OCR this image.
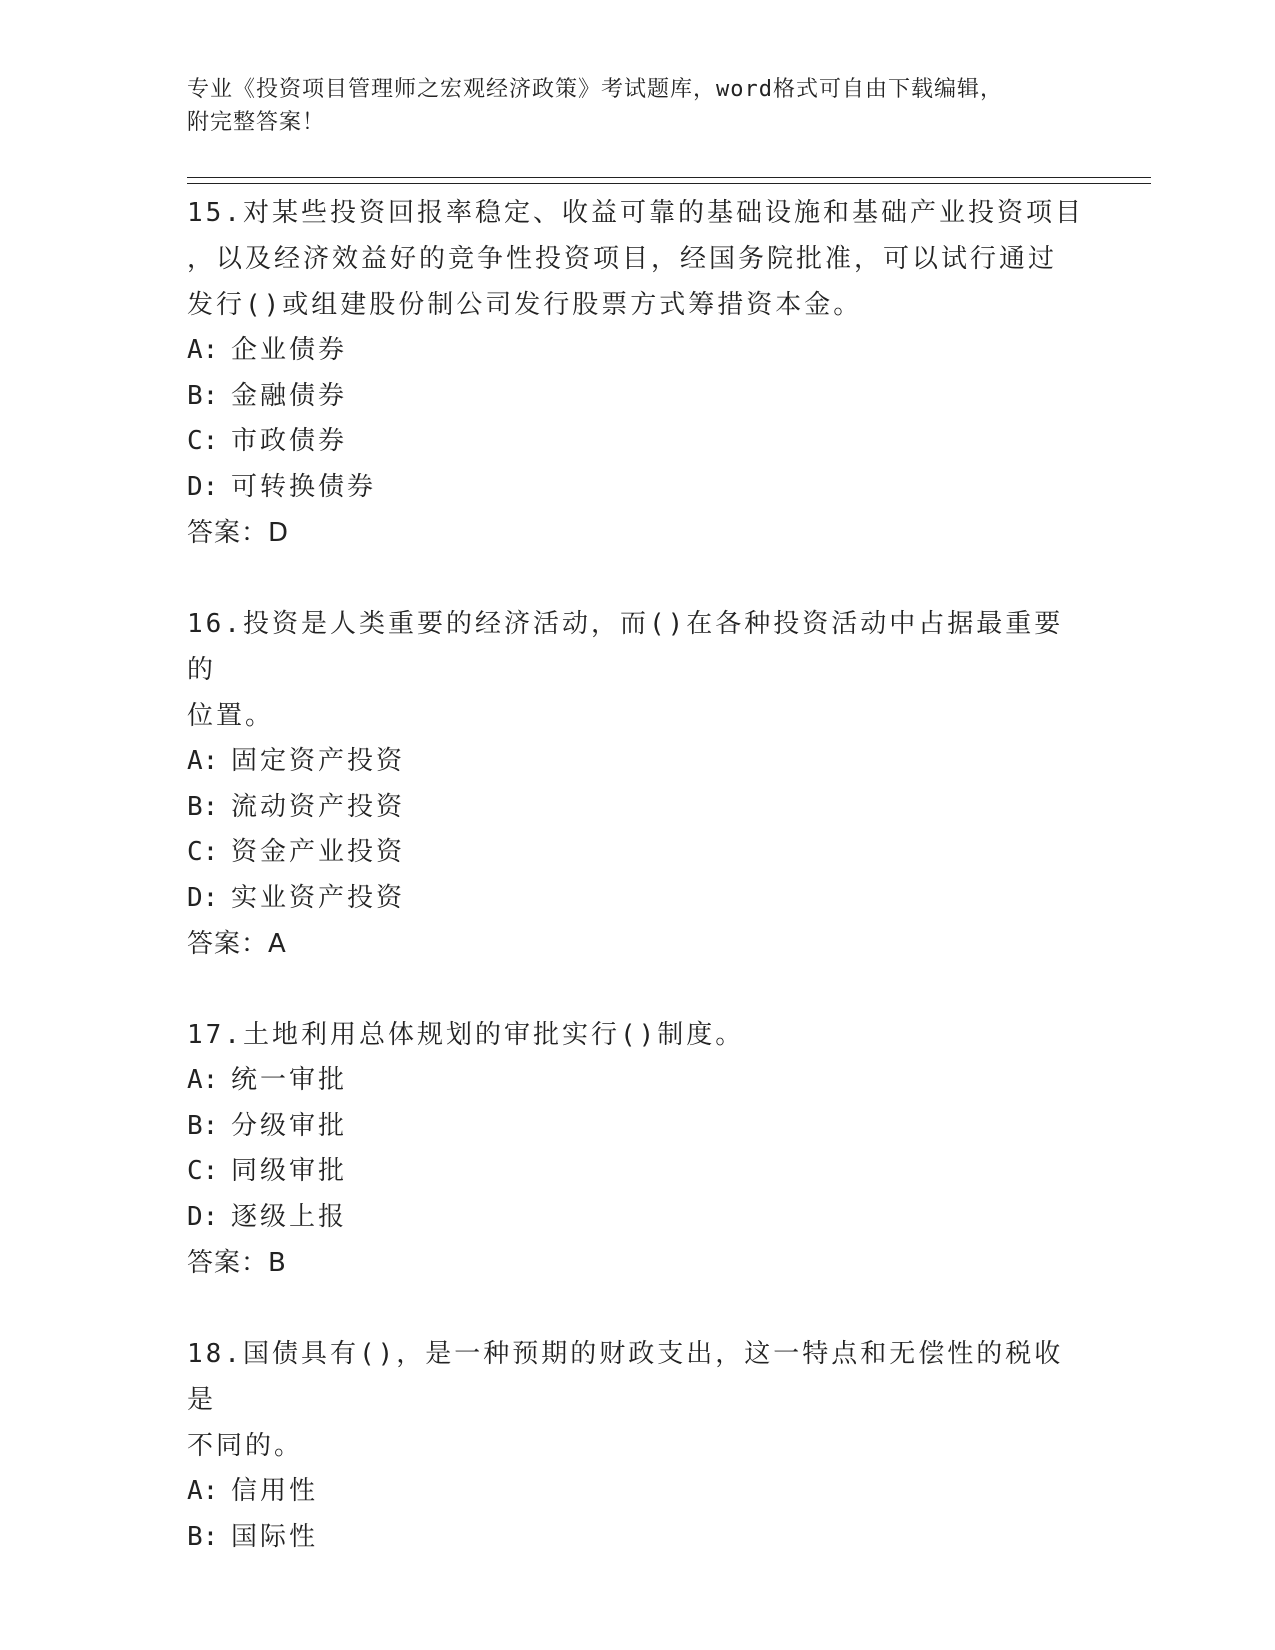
专业《投资项目管理师之宏观经济政策》考试题库，word格式可自由下载编辑，
附完整答案！

15.对某些投资回报率稳定、收益可靠的基础设施和基础产业投资项目

，以及经济效益好的竞争性投资项目，经国务院批准，可以试行通过

发行()或组建股份制公司发行股票方式筹措资本金。

A: 企业债券

B: 金融债券

C: 市政债券

D: 可转换债券

答案：D

16.投资是人类重要的经济活动，而()在各种投资活动中占据最重要的

位置。

A: 固定资产投资

B: 流动资产投资

C: 资金产业投资

D: 实业资产投资

答案：A

17.土地利用总体规划的审批实行()制度。

A: 统一审批

B: 分级审批

C: 同级审批

D: 逐级上报

答案：B

18.国债具有()，是一种预期的财政支出，这一特点和无偿性的税收是

不同的。

A: 信用性

B: 国际性
